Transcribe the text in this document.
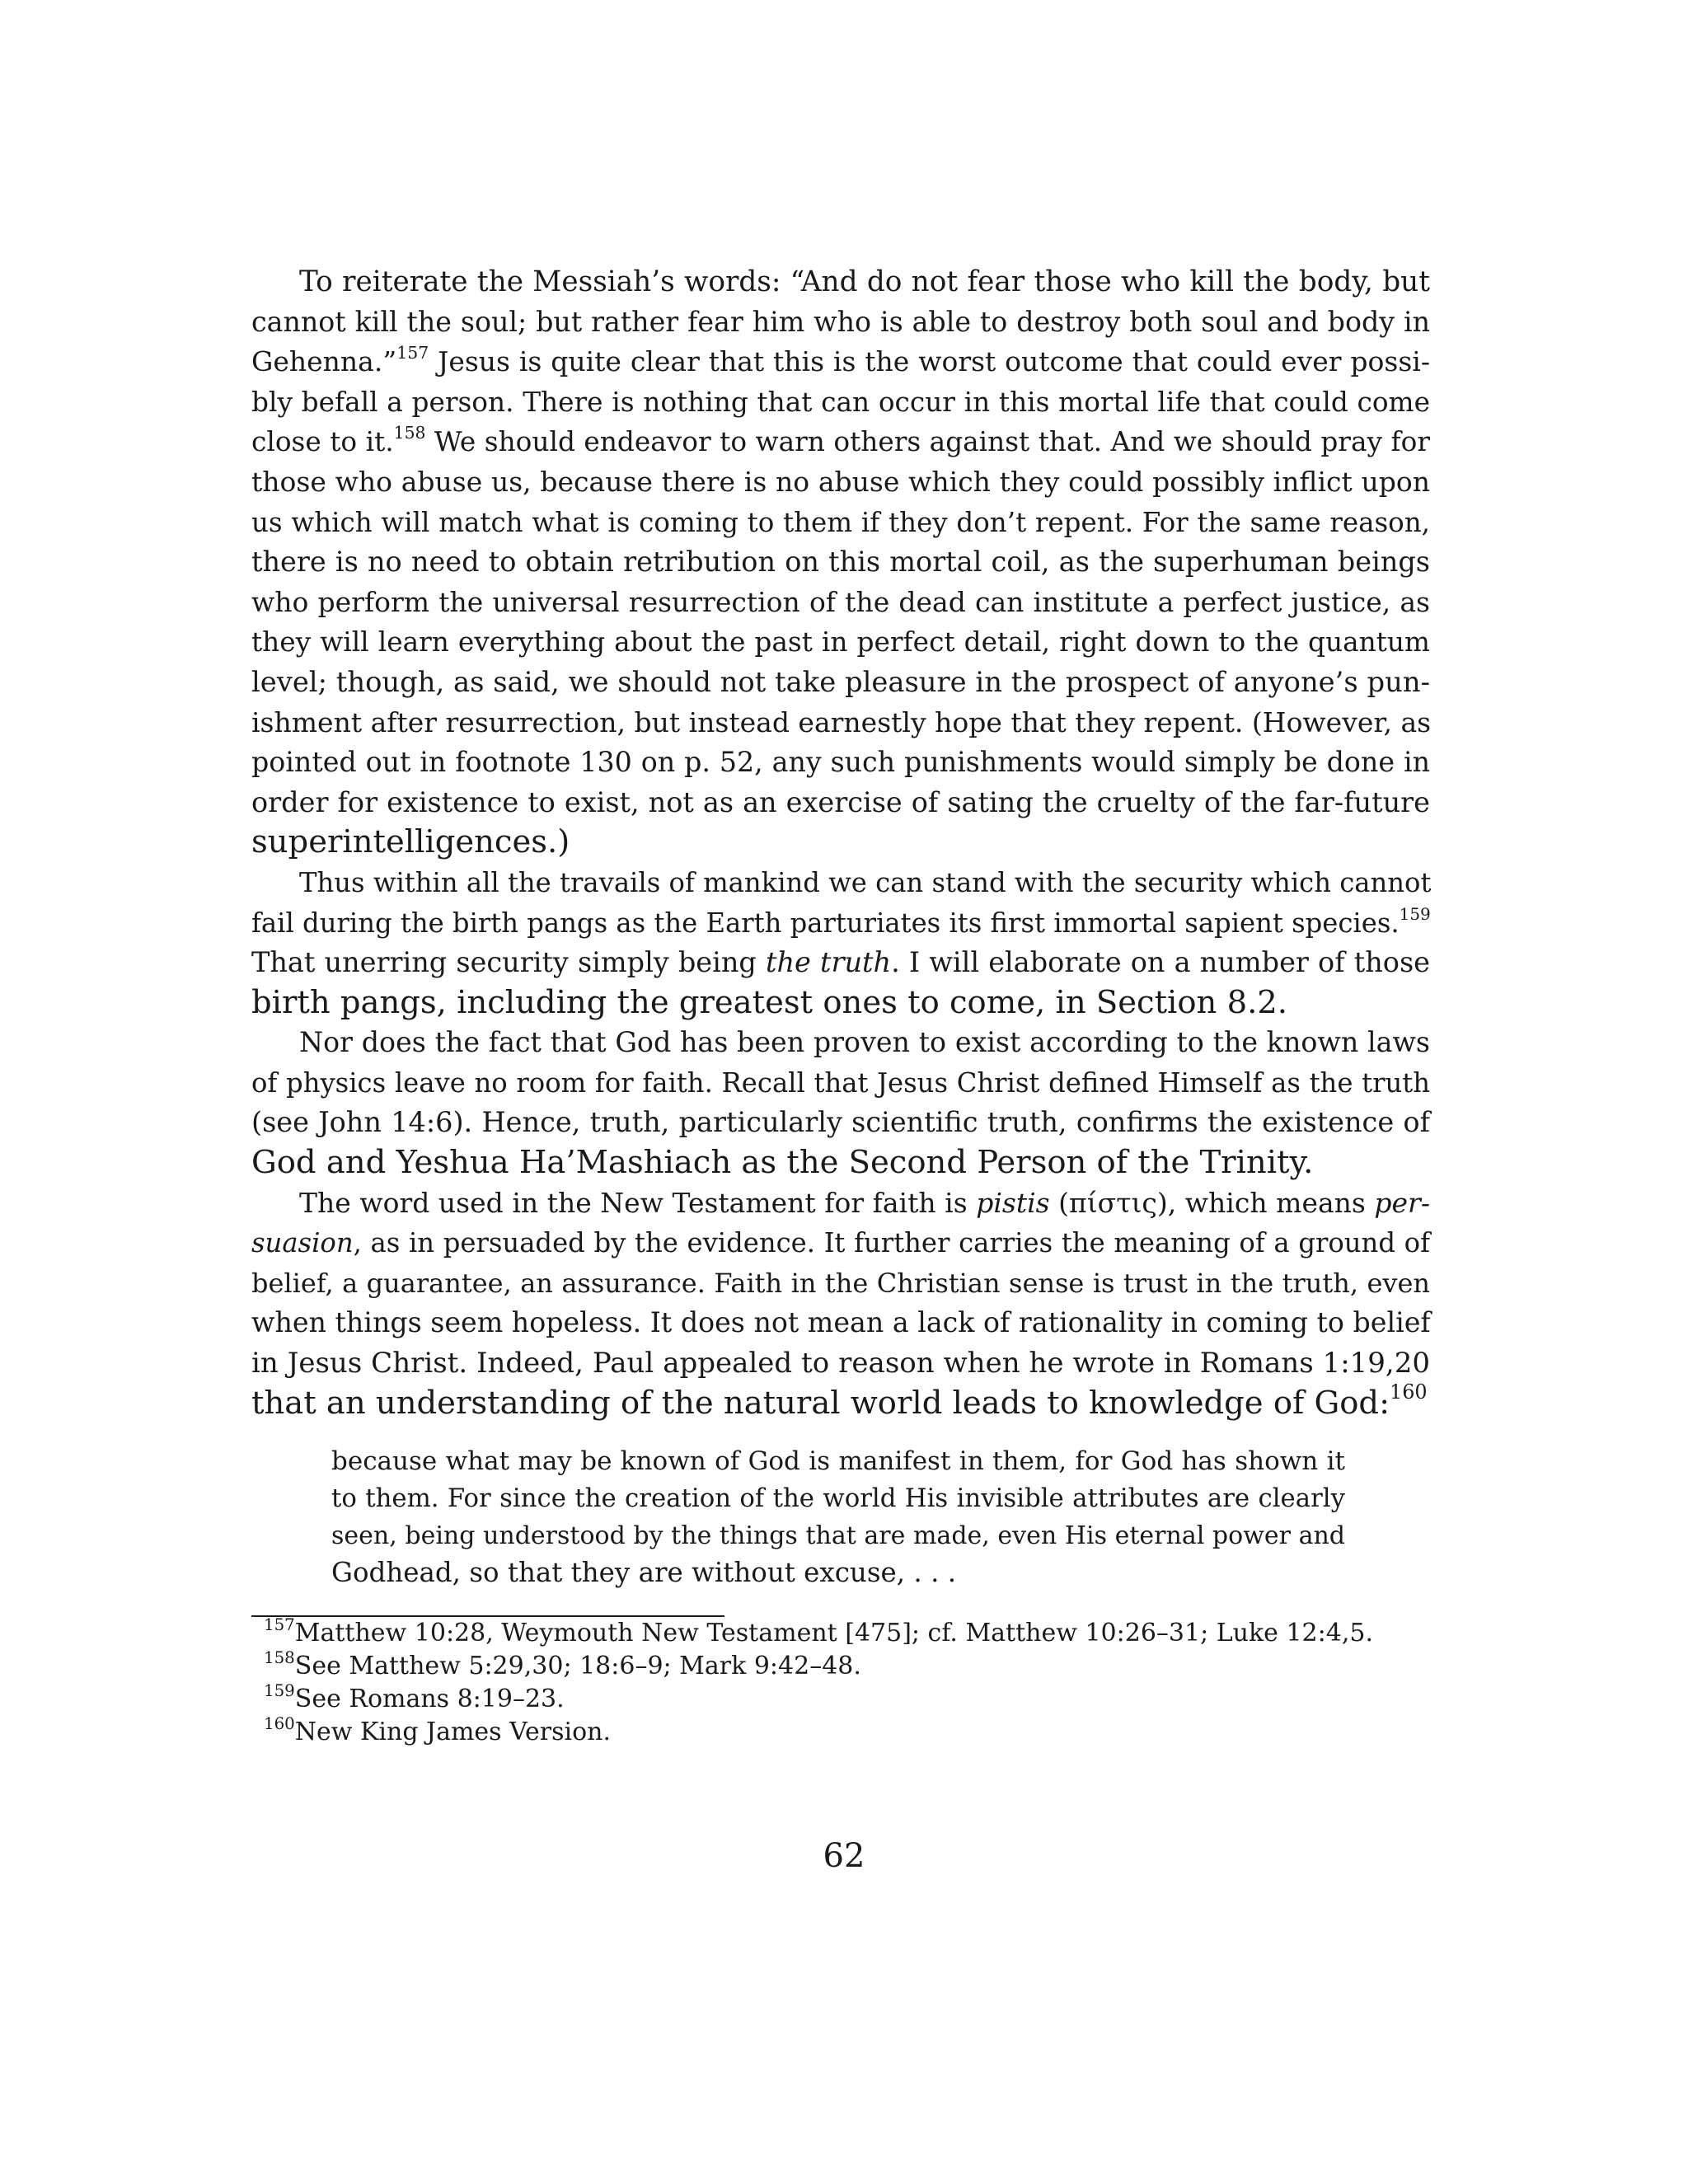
To reiterate the Messiah’s words: “And do not fear those who kill the body, but
cannot kill the soul; but rather fear him who is able to destroy both soul and body in
Gehenna.”$^{157}$ Jesus is quite clear that this is the worst outcome that could ever possi-
bly befall a person. There is nothing that can occur in this mortal life that could come
close to it.$^{158}$ We should endeavor to warn others against that. And we should pray for
those who abuse us, because there is no abuse which they could possibly inflict upon
us which will match what is coming to them if they don’t repent. For the same reason,
there is no need to obtain retribution on this mortal coil, as the superhuman beings
who perform the universal resurrection of the dead can institute a perfect justice, as
they will learn everything about the past in perfect detail, right down to the quantum
level; though, as said, we should not take pleasure in the prospect of anyone’s pun-
ishment after resurrection, but instead earnestly hope that they repent. (However, as
pointed out in footnote 130 on p. 52, any such punishments would simply be done in
order for existence to exist, not as an exercise of sating the cruelty of the far-future
superintelligences.)
Thus within all the travails of mankind we can stand with the security which cannot
fail during the birth pangs as the Earth parturiates its first immortal sapient species.$^{159}$
That unerring security simply being the truth. I will elaborate on a number of those
birth pangs, including the greatest ones to come, in Section 8.2.
Nor does the fact that God has been proven to exist according to the known laws
of physics leave no room for faith. Recall that Jesus Christ defined Himself as the truth
(see John 14:6). Hence, truth, particularly scientific truth, confirms the existence of
God and Yeshua Ha’Mashiach as the Second Person of the Trinity.
The word used in the New Testament for faith is pistis (πίστις), which means per-
suasion, as in persuaded by the evidence. It further carries the meaning of a ground of
belief, a guarantee, an assurance. Faith in the Christian sense is trust in the truth, even
when things seem hopeless. It does not mean a lack of rationality in coming to belief
in Jesus Christ. Indeed, Paul appealed to reason when he wrote in Romans 1:19,20
that an understanding of the natural world leads to knowledge of God:$^{160}$
because what may be known of God is manifest in them, for God has shown it
to them. For since the creation of the world His invisible attributes are clearly
seen, being understood by the things that are made, even His eternal power and
Godhead, so that they are without excuse, . . .
$^{157}$Matthew 10:28, Weymouth New Testament [475]; cf. Matthew 10:26–31; Luke 12:4,5.
$^{158}$See Matthew 5:29,30; 18:6–9; Mark 9:42–48.
$^{159}$See Romans 8:19–23.
$^{160}$New King James Version.
62
